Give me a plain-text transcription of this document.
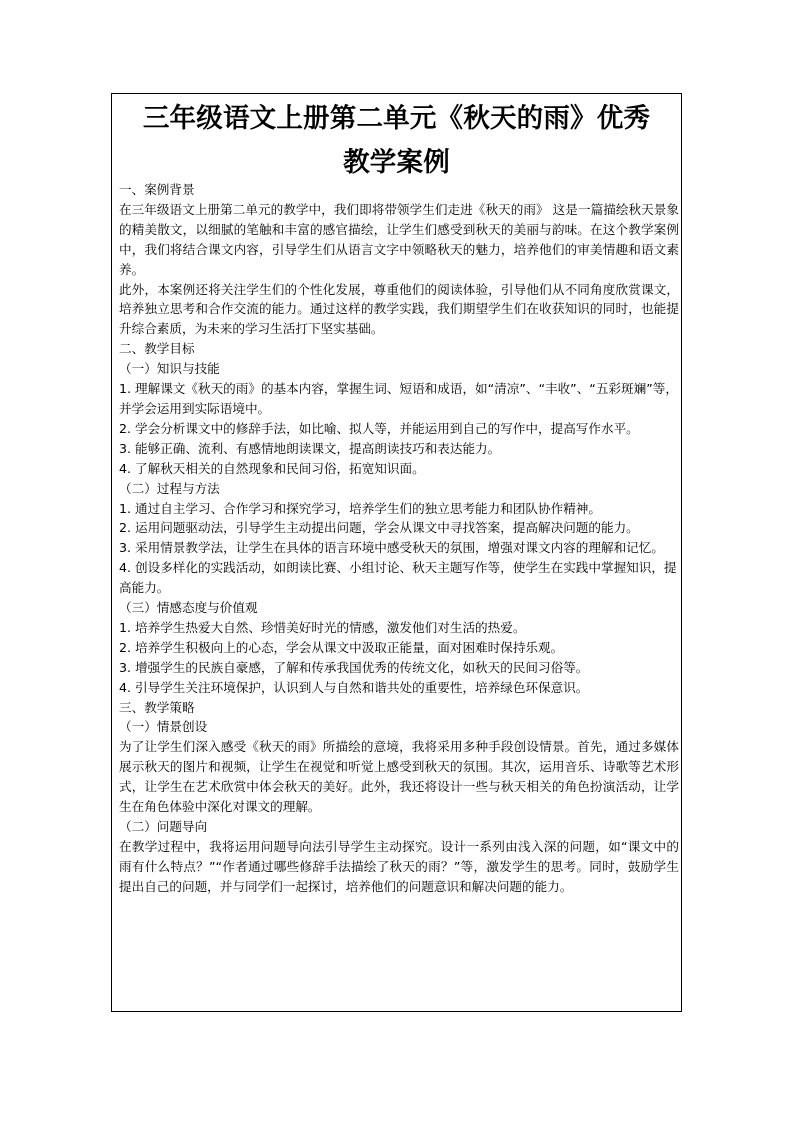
三年级语文上册第二单元《秋天的雨》优秀
教学案例
一、案例背景
在三年级语文上册第二单元的教学中，我们即将带领学生们走进《秋天的雨》 这是一篇描绘秋天景象的精美散文，以细腻的笔触和丰富的感官描绘，让学生们感受到秋天的美丽与韵味。在这个教学案例中，我们将结合课文内容，引导学生们从语言文字中领略秋天的魅力，培养他们的审美情趣和语文素养。
此外，本案例还将关注学生们的个性化发展，尊重他们的阅读体验，引导他们从不同角度欣赏课文，培养独立思考和合作交流的能力。通过这样的教学实践，我们期望学生们在收获知识的同时，也能提升综合素质，为未来的学习生活打下坚实基础。
二、教学目标
（一）知识与技能
1. 理解课文《秋天的雨》的基本内容，掌握生词、短语和成语，如“清凉”、“丰收”、“五彩斑斓”等，并学会运用到实际语境中。
2. 学会分析课文中的修辞手法，如比喻、拟人等，并能运用到自己的写作中，提高写作水平。
3. 能够正确、流利、有感情地朗读课文，提高朗读技巧和表达能力。
4. 了解秋天相关的自然现象和民间习俗，拓宽知识面。
（二）过程与方法
1. 通过自主学习、合作学习和探究学习，培养学生们的独立思考能力和团队协作精神。
2. 运用问题驱动法，引导学生主动提出问题，学会从课文中寻找答案，提高解决问题的能力。
3. 采用情景教学法，让学生在具体的语言环境中感受秋天的氛围，增强对课文内容的理解和记忆。
4. 创设多样化的实践活动，如朗读比赛、小组讨论、秋天主题写作等，使学生在实践中掌握知识，提高能力。
（三）情感态度与价值观
1. 培养学生热爱大自然、珍惜美好时光的情感，激发他们对生活的热爱。
2. 培养学生积极向上的心态，学会从课文中汲取正能量，面对困难时保持乐观。
3. 增强学生的民族自豪感，了解和传承我国优秀的传统文化，如秋天的民间习俗等。
4. 引导学生关注环境保护，认识到人与自然和谐共处的重要性，培养绿色环保意识。
三、教学策略
（一）情景创设
为了让学生们深入感受《秋天的雨》所描绘的意境，我将采用多种手段创设情景。首先，通过多媒体展示秋天的图片和视频，让学生在视觉和听觉上感受到秋天的氛围。其次，运用音乐、诗歌等艺术形式，让学生在艺术欣赏中体会秋天的美好。此外，我还将设计一些与秋天相关的角色扮演活动，让学生在角色体验中深化对课文的理解。
（二）问题导向
在教学过程中，我将运用问题导向法引导学生主动探究。设计一系列由浅入深的问题，如“课文中的雨有什么特点？”“作者通过哪些修辞手法描绘了秋天的雨？”等，激发学生的思考。同时，鼓励学生提出自己的问题，并与同学们一起探讨，培养他们的问题意识和解决问题的能力。
